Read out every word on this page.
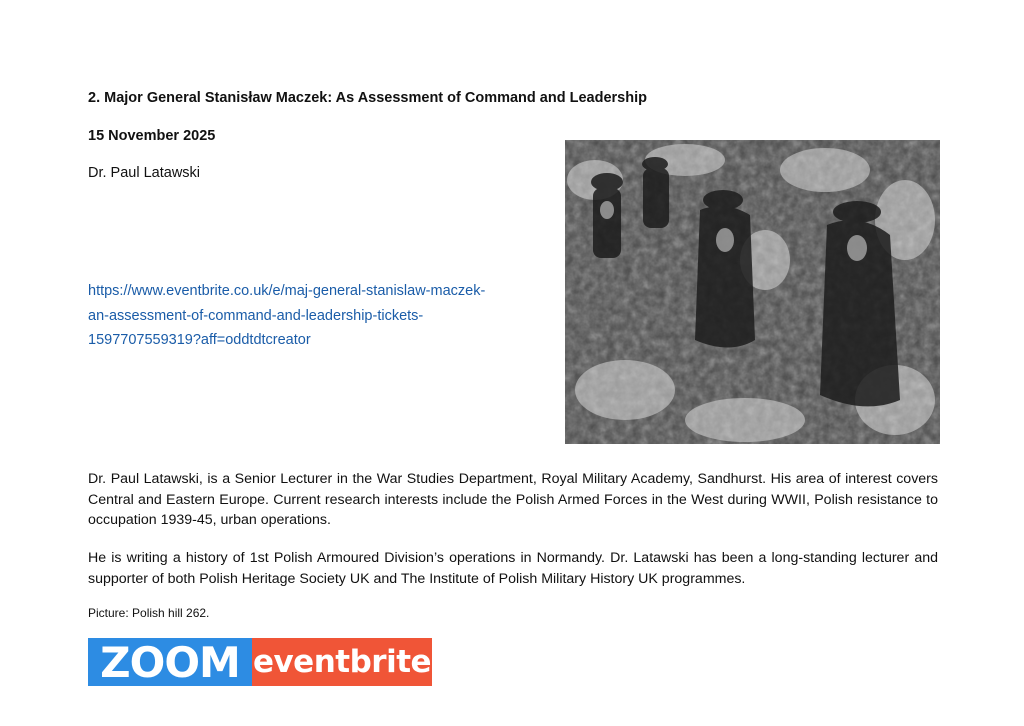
2. Major General Stanisław Maczek: As Assessment of Command and Leadership
15 November 2025
Dr. Paul Latawski
https://www.eventbrite.co.uk/e/maj-general-stanislaw-maczek-
an-assessment-of-command-and-leadership-tickets-
1597707559319?aff=oddtdtcreator

Dr. Paul Latawski, is a Senior Lecturer in the War Studies Department, Royal Military Academy, Sandhurst. His area of interest covers Central and Eastern Europe. Current research interests include the Polish Armed Forces in the West during WWII, Polish resistance to occupation 1939-45, urban operations.

He is writing a history of 1st Polish Armoured Division’s operations in Normandy. Dr. Latawski has been a long-standing lecturer and supporter of both Polish Heritage Society UK and The Institute of Polish Military History UK programmes.

Picture: Polish hill 262.
ZOOM eventbrite
